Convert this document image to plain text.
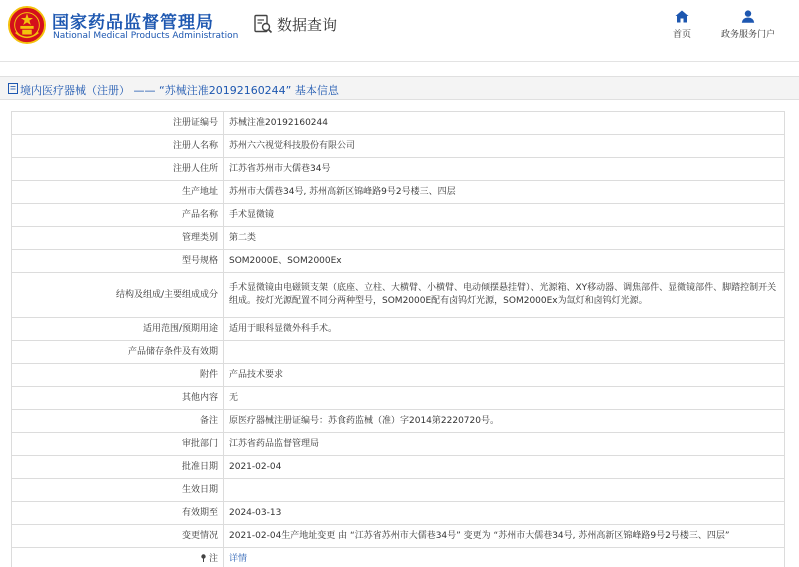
国家药品监督管理局
National Medical Products Administration
数据查询
首页	政务服务门户
境内医疗器械（注册） —— “苏械注准20192160244” 基本信息
注册证编号	苏械注准20192160244
注册人名称	苏州六六视觉科技股份有限公司
注册人住所	江苏省苏州市大儒巷34号
生产地址	苏州市大儒巷34号, 苏州高新区锦峰路9号2号楼三、四层
产品名称	手术显微镜
管理类别	第二类
型号规格	SOM2000E、SOM2000Ex
结构及组成/主要组成成分	手术显微镜由电磁锁支架（底座、立柱、大横臂、小横臂、电动倾摆悬挂臂）、光源箱、XY移动器、调焦部件、显微镜部件、脚踏控制开关组成。按灯光源配置不同分两种型号，SOM2000E配有卤钨灯光源，SOM2000Ex为氙灯和卤钨灯光源。
适用范围/预期用途	适用于眼科显微外科手术。
产品储存条件及有效期	
附件	产品技术要求
其他内容	无
备注	原医疗器械注册证编号：苏食药监械（准）字2014第2220720号。
审批部门	江苏省药品监督管理局
批准日期	2021-02-04
生效日期	
有效期至	2024-03-13
变更情况	2021-02-04生产地址变更 由 “江苏省苏州市大儒巷34号” 变更为 “苏州市大儒巷34号, 苏州高新区锦峰路9号2号楼三、四层”
注	详情
